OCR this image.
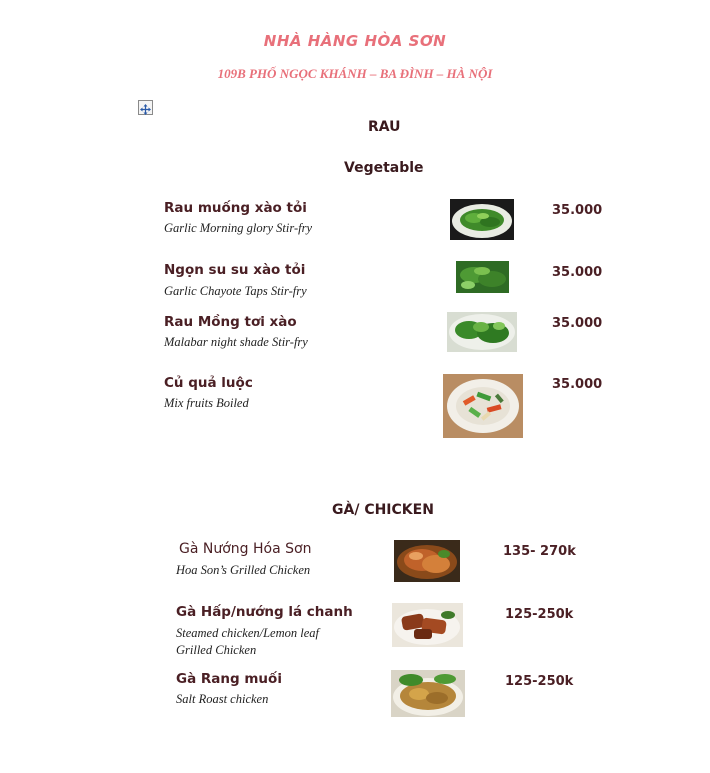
NHÀ HÀNG HÒA SƠN
109B PHỐ NGỌC KHÁNH – BA ĐÌNH – HÀ NỘI
RAU
Vegetable
Rau muống xào tỏi
Garlic Morning glory Stir-fry
35.000
Ngọn su su xào tỏi
Garlic Chayote Taps Stir-fry
35.000
Rau Mồng tơi xào
Malabar night shade Stir-fry
35.000
Củ quả luộc
Mix fruits Boiled
35.000
GÀ/ CHICKEN
Gà Nướng Hóa Sơn
Hoa Son’s Grilled Chicken
135- 270k
Gà Hấp/nướng lá chanh
Steamed chicken/Lemon leaf
Grilled Chicken
125-250k
Gà Rang muối
Salt Roast chicken
125-250k
